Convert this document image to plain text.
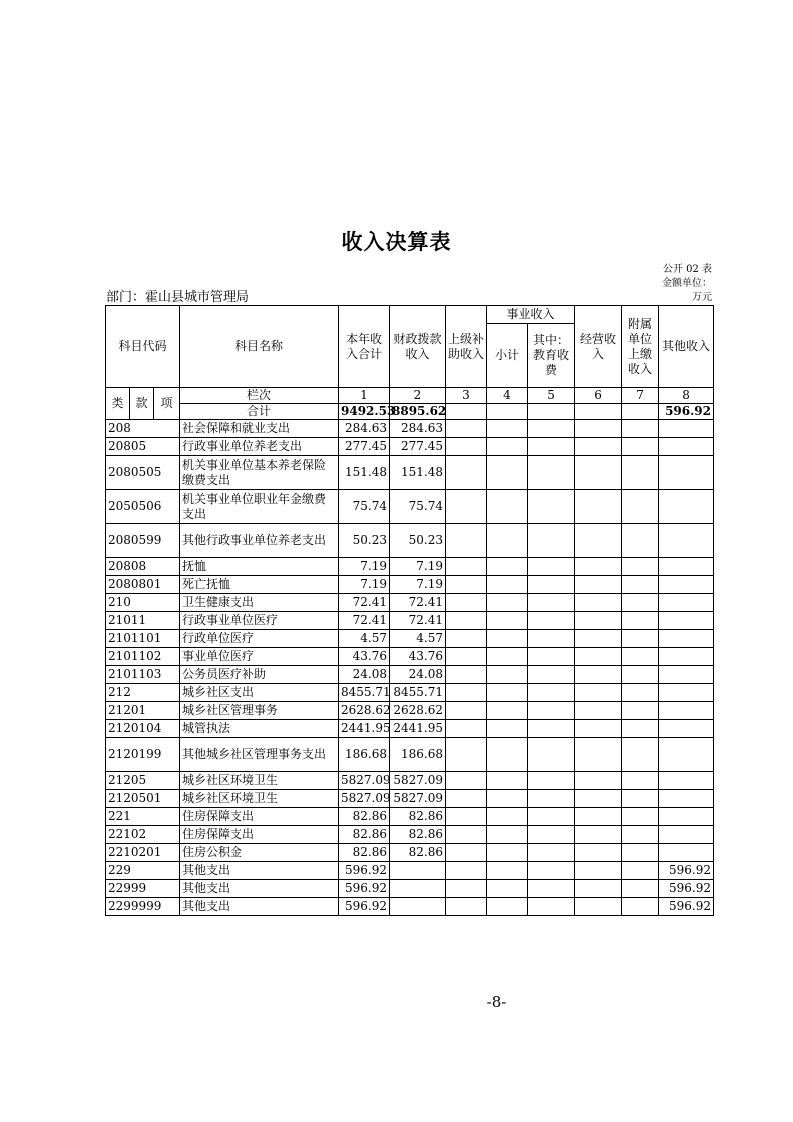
收入决算表
公开 02 表
金额单位：
万元
部门：霍山县城市管理局
科目代码			科目名称	本年收入合计	财政拨款收入	上级补助收入	事业收入		经营收入	附属单位上缴收入	其他收入
							小计	其中：教育收费			
类	款	项	栏次	1	2	3	4	5	6	7	8
			合计	9492.53	8895.62						596.92
208			社会保障和就业支出	284.63	284.63						
20805			行政事业单位养老支出	277.45	277.45						
2080505			机关事业单位基本养老保险缴费支出	151.48	151.48						
2050506			机关事业单位职业年金缴费支出	75.74	75.74						
2080599			其他行政事业单位养老支出	50.23	50.23						
20808			抚恤	7.19	7.19						
2080801			死亡抚恤	7.19	7.19						
210			卫生健康支出	72.41	72.41						
21011			行政事业单位医疗	72.41	72.41						
2101101			行政单位医疗	4.57	4.57						
2101102			事业单位医疗	43.76	43.76						
2101103			公务员医疗补助	24.08	24.08						
212			城乡社区支出	8455.71	8455.71						
21201			城乡社区管理事务	2628.62	2628.62						
2120104			城管执法	2441.95	2441.95						
2120199			其他城乡社区管理事务支出	186.68	186.68						
21205			城乡社区环境卫生	5827.09	5827.09						
2120501			城乡社区环境卫生	5827.09	5827.09						
221			住房保障支出	82.86	82.86						
22102			住房保障支出	82.86	82.86						
2210201			住房公积金	82.86	82.86						
229			其他支出	596.92							596.92
22999			其他支出	596.92							596.92
2299999			其他支出	596.92							596.92
-8-
